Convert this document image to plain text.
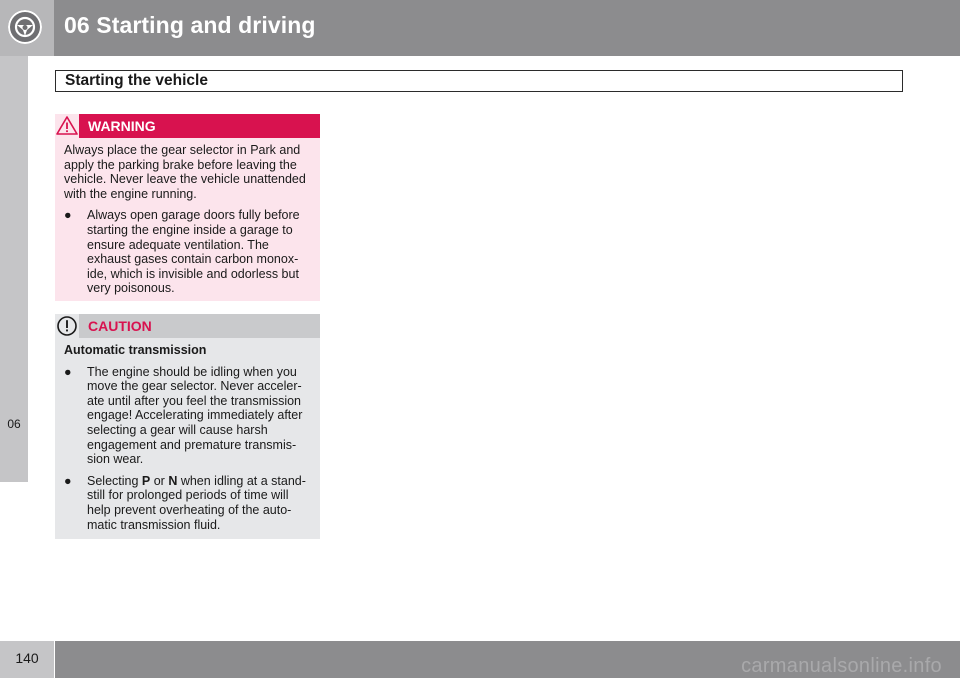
06 Starting and driving
Starting the vehicle
06
WARNING

Always place the gear selector in Park and apply the parking brake before leaving the vehicle. Never leave the vehicle unattended with the engine running.

● Always open garage doors fully before starting the engine inside a garage to ensure adequate ventilation. The exhaust gases contain carbon monox-ide, which is invisible and odorless but very poisonous.
CAUTION

Automatic transmission

● The engine should be idling when you move the gear selector. Never acceler-ate until after you feel the transmission engage! Accelerating immediately after selecting a gear will cause harsh engagement and premature transmis-sion wear.
● Selecting P or N when idling at a stand-still for prolonged periods of time will help prevent overheating of the auto-matic transmission fluid.
140	carmanualsonline.info
